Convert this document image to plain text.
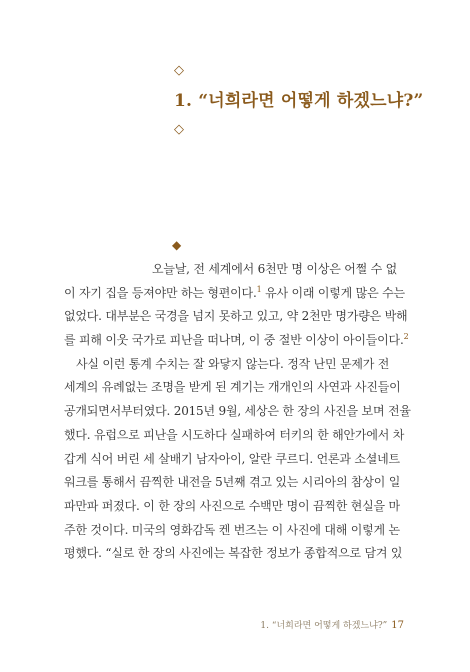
◇
1. “너희라면 어떻게 하겠느냐?”
◇
◆
오늘날, 전 세계에서 6천만 명 이상은 어쩔 수 없
이 자기 집을 등져야만 하는 형편이다.$^1$ 유사 이래 이렇게 많은 수는
없었다. 대부분은 국경을 넘지 못하고 있고, 약 2천만 명가량은 박해
를 피해 이웃 국가로 피난을 떠나며, 이 중 절반 이상이 아이들이다.$^2$
사실 이런 통계 수치는 잘 와닿지 않는다. 정작 난민 문제가 전
세계의 유례없는 조명을 받게 된 계기는 개개인의 사연과 사진들이
공개되면서부터였다. 2015년 9월, 세상은 한 장의 사진을 보며 전율
했다. 유럽으로 피난을 시도하다 실패하여 터키의 한 해안가에서 차
갑게 식어 버린 세 살배기 남자아이, 알란 쿠르디. 언론과 소셜네트
워크를 통해서 끔찍한 내전을 5년째 겪고 있는 시리아의 참상이 일
파만파 퍼졌다. 이 한 장의 사진으로 수백만 명이 끔찍한 현실을 마
주한 것이다. 미국의 영화감독 켄 번즈는 이 사진에 대해 이렇게 논
평했다. “실로 한 장의 사진에는 복잡한 정보가 종합적으로 담겨 있
1. “너희라면 어떻게 하겠느냐?” 17
